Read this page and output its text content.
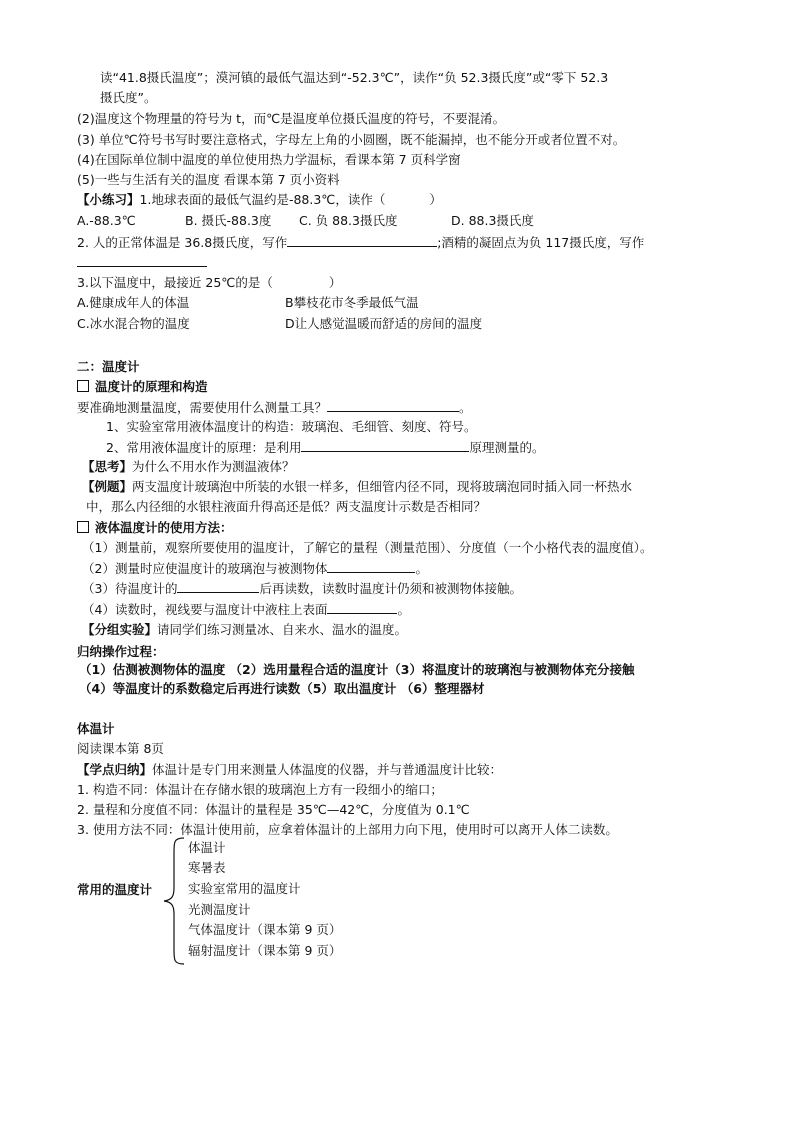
读“41.8摄氏温度”；漠河镇的最低气温达到“-52.3℃”，读作“负 52.3摄氏度”或“零下 52.3
摄氏度”。
(2)温度这个物理量的符号为 t，而℃是温度单位摄氏温度的符号，不要混淆。
(3) 单位℃符号书写时要注意格式，字母左上角的小圆圈，既不能漏掉，也不能分开或者位置不对。
(4)在国际单位制中温度的单位使用热力学温标，看课本第 7 页科学窗
(5)一些与生活有关的温度 看课本第 7 页小资料
【小练习】1.地球表面的最低气温约是-88.3℃，读作（	）
A.-88.3℃	B. 摄氏-88.3度 C. 负 88.3摄氏度	D. 88.3摄氏度
2. 人的正常体温是 36.8摄氏度，写作	;酒精的凝固点为负 117摄氏度，写作
3.以下温度中，最接近 25℃的是（	）
A.健康成年人的体温	B攀枝花市冬季最低气温
C.冰水混合物的温度	D让人感觉温暖而舒适的房间的温度
二：温度计
温度计的原理和构造
要准确地测量温度，需要使用什么测量工具？	。
1、实验室常用液体温度计的构造：玻璃泡、毛细管、刻度、符号。
2、常用液体温度计的原理：是利用	原理测量的。
【思考】为什么不用水作为测温液体？
【例题】两支温度计玻璃泡中所装的水银一样多，但细管内径不同，现将玻璃泡同时插入同一杯热水
中，那么内径细的水银柱液面升得高还是低？两支温度计示数是否相同？
液体温度计的使用方法：
（1）测量前，观察所要使用的温度计，了解它的量程（测量范围）、分度值（一个小格代表的温度值）。
（2）测量时应使温度计的玻璃泡与被测物体	。
（3）待温度计的	后再读数，读数时温度计仍须和被测物体接触。
（4）读数时，视线要与温度计中液柱上表面	。
【分组实验】请同学们练习测量冰、自来水、温水的温度。
归纳操作过程：
（1）估测被测物体的温度 （2）选用量程合适的温度计（3）将温度计的玻璃泡与被测物体充分接触
（4）等温度计的系数稳定后再进行读数（5）取出温度计 （6）整理器材
体温计
阅读课本第 8页
【学点归纳】体温计是专门用来测量人体温度的仪器，并与普通温度计比较：
1. 构造不同：体温计在存储水银的玻璃泡上方有一段细小的缩口；
2. 量程和分度值不同：体温计的量程是 35℃—42℃，分度值为 0.1℃
3. 使用方法不同：体温计使用前，应拿着体温计的上部用力向下甩，使用时可以离开人体二读数。
常用的温度计
体温计
寒暑表
实验室常用的温度计
光测温度计
气体温度计（课本第 9 页）
辐射温度计（课本第 9 页）
